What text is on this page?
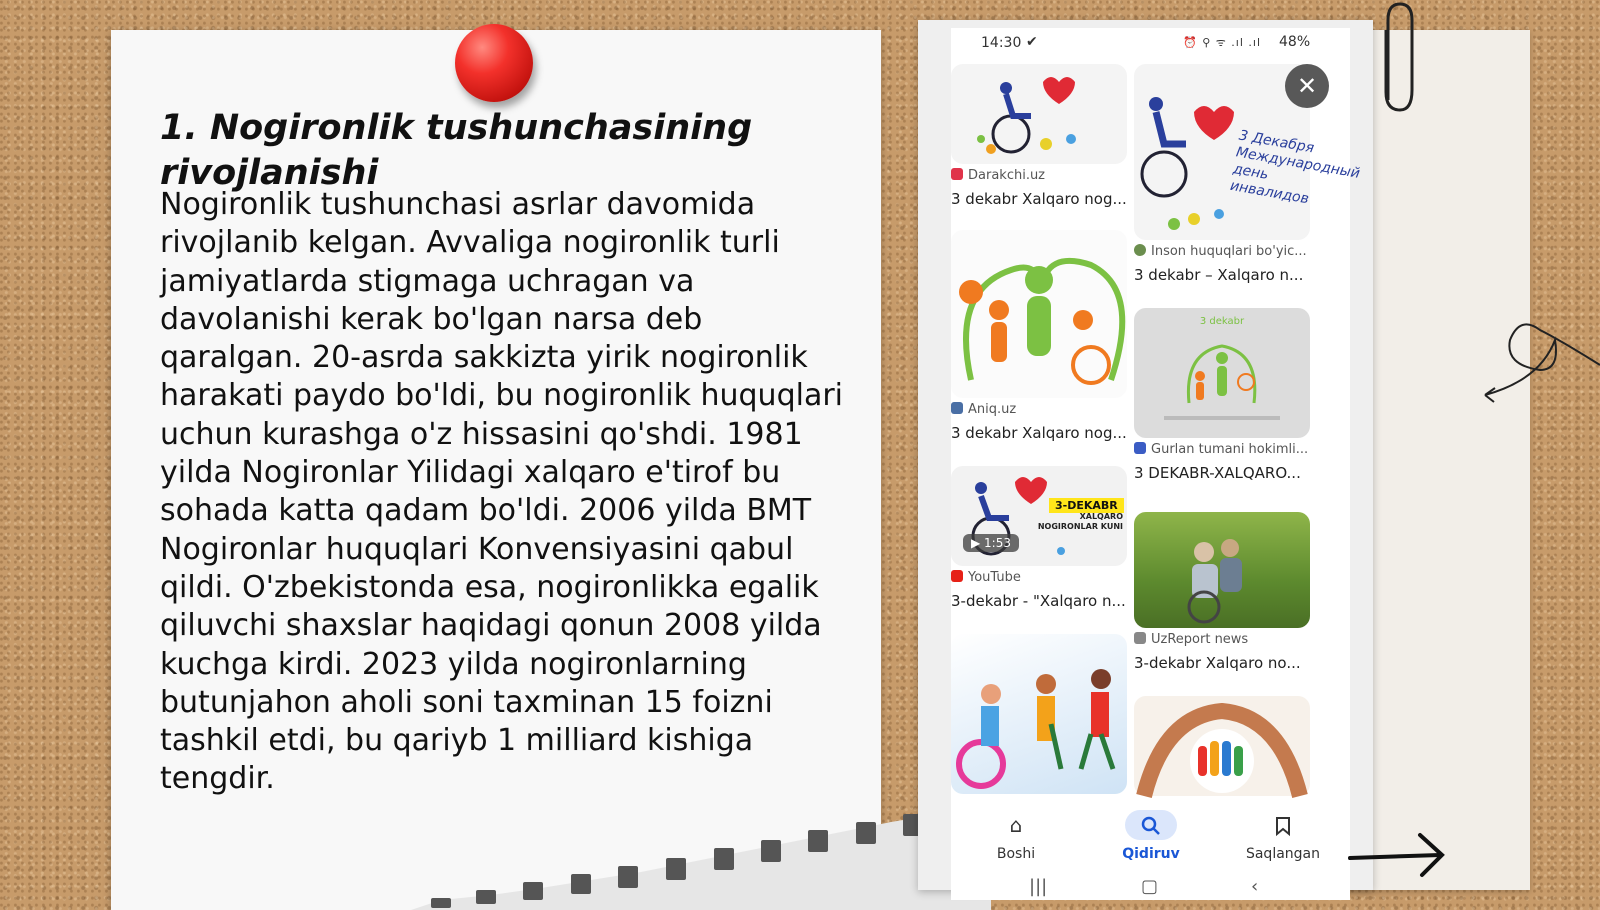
1. Nogironlik tushunchasining rivojlanishi

Nogironlik tushunchasi asrlar davomida rivojlanib kelgan. Avvaliga nogironlik turli jamiyatlarda stigmaga uchragan va davolanishi kerak bo'lgan narsa deb qaralgan. 20-asrda sakkizta yirik nogironlik harakati paydo bo'ldi, bu nogironlik huquqlari uchun kurashga o'z hissasini qo'shdi. 1981 yilda Nogironlar Yilidagi xalqaro e'tirof bu sohada katta qadam bo'ldi. 2006 yilda BMT Nogironlar huquqlari Konvensiyasini qabul qildi. O'zbekistonda esa, nogironlikka egalik qiluvchi shaxslar haqidagi qonun 2008 yilda kuchga kirdi. 2023 yilda nogironlarning butunjahon aholi soni taxminan 15 foizni tashkil etdi, bu qariyb 1 milliard kishiga tengdir.

14:30 ✔	⏰ ⚲ ᯤ .ıl .ıl 48%
Darakchi.uz
3 dekabr Xalqaro nog...
Aniq.uz
3 dekabr Xalqaro nog...
3-DEKABR
XALQARO NOGIRONLAR KUNI
▶ 1:53
YouTube
3-dekabr - "Xalqaro n...
3 Декабря Международный день инвалидов
Inson huquqlari bo'yic...
3 dekabr – Xalqaro n...
3 dekabr
Gurlan tumani hokimli...
3 DEKABR-XALQARO...
UzReport news
3-dekabr Xalqaro no...
✕
⌂
Boshi	Qidiruv	Saqlangan
|||	▢	‹
